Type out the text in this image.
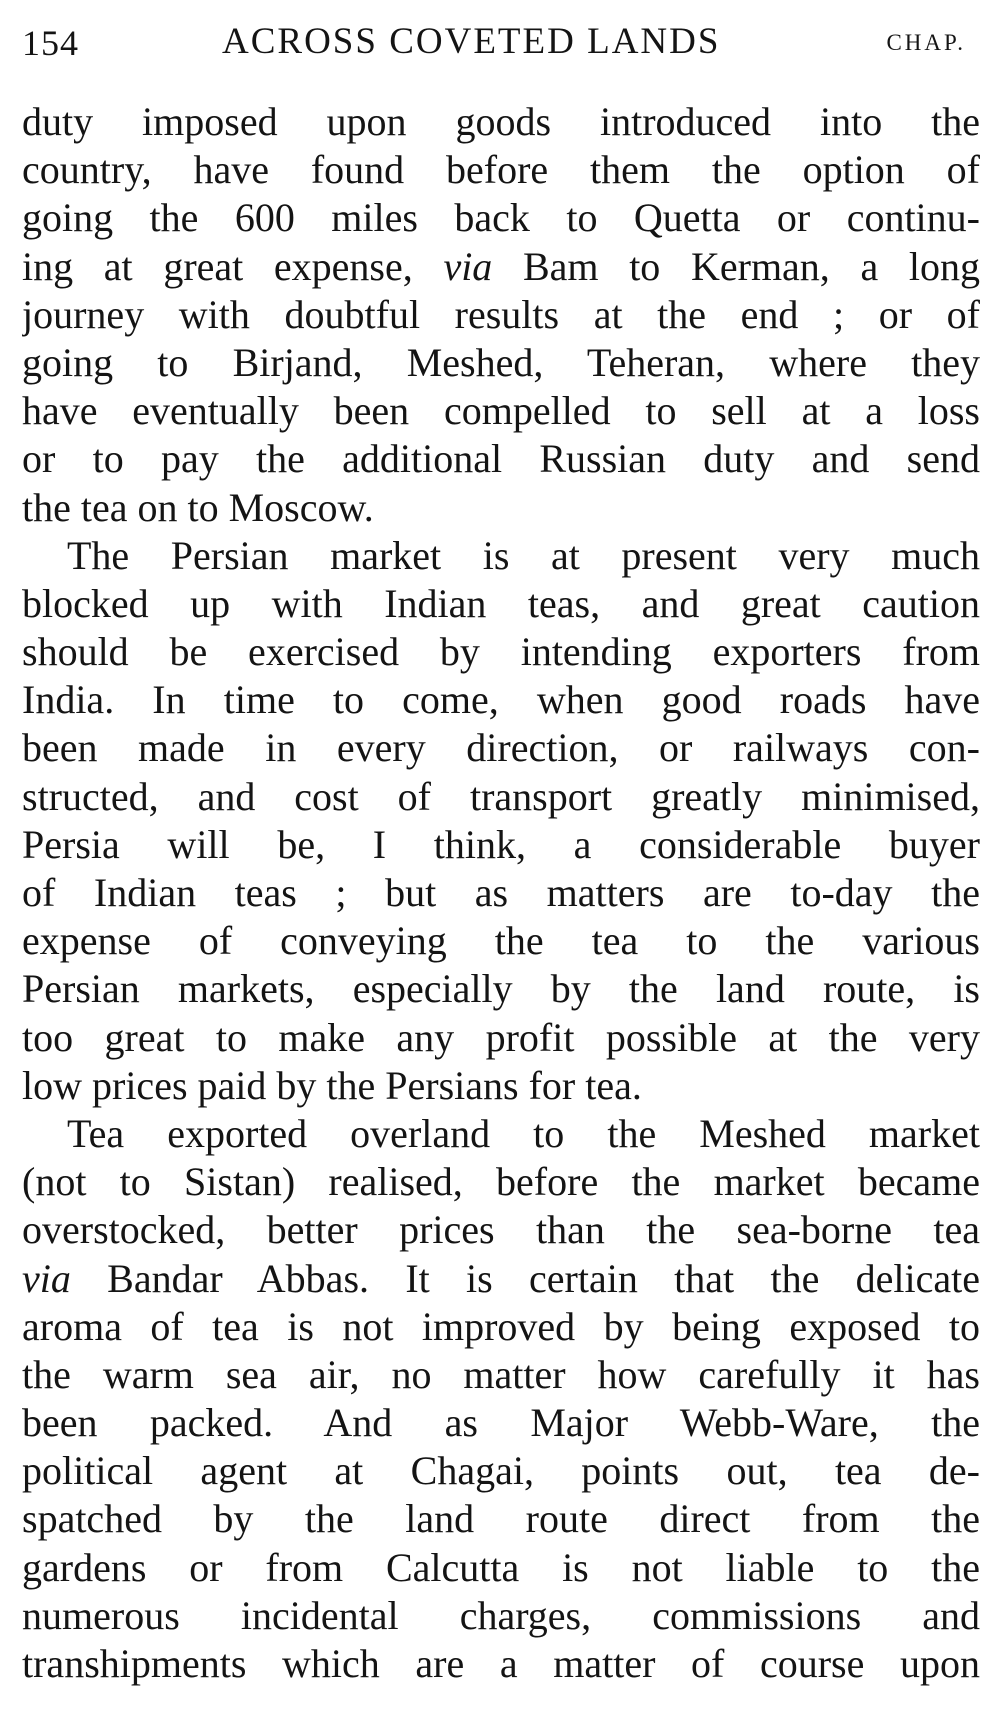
154	ACROSS COVETED LANDS	CHAP.
duty imposed upon goods introduced into the
country, have found before them the option of
going the 600 miles back to Quetta or continu-
ing at great expense, via Bam to Kerman, a long
journey with doubtful results at the end ; or of
going to Birjand, Meshed, Teheran, where they
have eventually been compelled to sell at a loss
or to pay the additional Russian duty and send
the tea on to Moscow.
The Persian market is at present very much
blocked up with Indian teas, and great caution
should be exercised by intending exporters from
India. In time to come, when good roads have
been made in every direction, or railways con-
structed, and cost of transport greatly minimised,
Persia will be, I think, a considerable buyer
of Indian teas ; but as matters are to-day the
expense of conveying the tea to the various
Persian markets, especially by the land route, is
too great to make any profit possible at the very
low prices paid by the Persians for tea.
Tea exported overland to the Meshed market
(not to Sistan) realised, before the market became
overstocked, better prices than the sea-borne tea
via Bandar Abbas. It is certain that the delicate
aroma of tea is not improved by being exposed to
the warm sea air, no matter how carefully it has
been packed. And as Major Webb-Ware, the
political agent at Chagai, points out, tea de-
spatched by the land route direct from the
gardens or from Calcutta is not liable to the
numerous incidental charges, commissions and
transhipments which are a matter of course upon
